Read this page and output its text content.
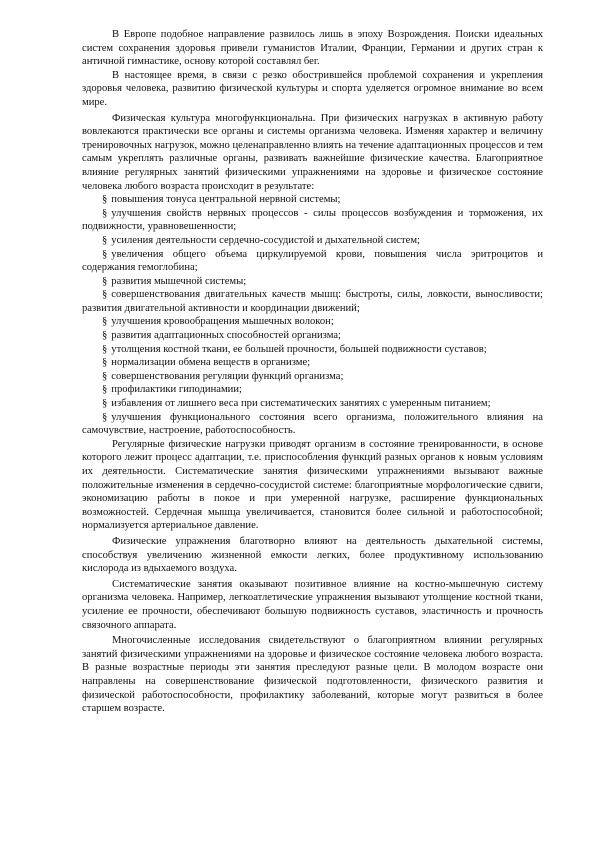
В Европе подобное направление развилось лишь в эпоху Возрождения. Поиски идеальных систем сохранения здоровья привели гуманистов Италии, Франции, Германии и других стран к античной гимнастике, основу которой составлял бег.

В настоящее время, в связи с резко обострившейся проблемой сохранения и укрепления здоровья человека, развитию физической культуры и спорта уделяется огромное внимание во всем мире.

Физическая культура многофункциональна. При физических нагрузках в активную работу вовлекаются практически все органы и системы организма человека. Изменяя характер и величину тренировочных нагрузок, можно целенаправленно влиять на течение адаптационных процессов и тем самым укреплять различные органы, развивать важнейшие физические качества. Благоприятное влияние регулярных занятий физическими упражнениями на здоровье и физическое состояние человека любого возраста происходит в результате:

§ повышения тонуса центральной нервной системы;

§ улучшения свойств нервных процессов - силы процессов возбуждения и торможения, их подвижности, уравновешенности;

§ усиления деятельности сердечно-сосудистой и дыхательной систем;

§ увеличения общего объема циркулируемой крови, повышения числа эритроцитов и содержания гемоглобина;

§ развития мышечной системы;

§ совершенствования двигательных качеств мышц: быстроты, силы, ловкости, выносливости; развития двигательной активности и координации движений;

§ улучшения кровообращения мышечных волокон;

§ развития адаптационных способностей организма;

§ утолщения костной ткани, ее большей прочности, большей подвижности суставов;

§ нормализации обмена веществ в организме;

§ совершенствования регуляции функций организма;

§ профилактики гиподинамии;

§ избавления от лишнего веса при систематических занятиях с умеренным питанием;

§ улучшения функционального состояния всего организма, положительного влияния на самочувствие, настроение, работоспособность.

Регулярные физические нагрузки приводят организм в состояние тренированности, в основе которого лежит процесс адаптации, т.е. приспособления функций разных органов к новым условиям их деятельности. Систематические занятия физическими упражнениями вызывают важные положительные изменения в сердечно-сосудистой системе: благоприятные морфологические сдвиги, экономизацию работы в покое и при умеренной нагрузке, расширение функциональных возможностей. Сердечная мышца увеличивается, становится более сильной и работоспособной; нормализуется артериальное давление.

Физические упражнения благотворно влияют на деятельность дыхательной системы, способствуя увеличению жизненной емкости легких, более продуктивному использованию кислорода из вдыхаемого воздуха.

Систематические занятия оказывают позитивное влияние на костно-мышечную систему организма человека. Например, легкоатлетические упражнения вызывают утолщение костной ткани, усиление ее прочности, обеспечивают большую подвижность суставов, эластичность и прочность связочного аппарата.

Многочисленные исследования свидетельствуют о благоприятном влиянии регулярных занятий физическими упражнениями на здоровье и физическое состояние человека любого возраста. В разные возрастные периоды эти занятия преследуют разные цели. В молодом возрасте они направлены на совершенствование физической подготовленности, физического развития и физической работоспособности, профилактику заболеваний, которые могут развиться в более старшем возрасте.
